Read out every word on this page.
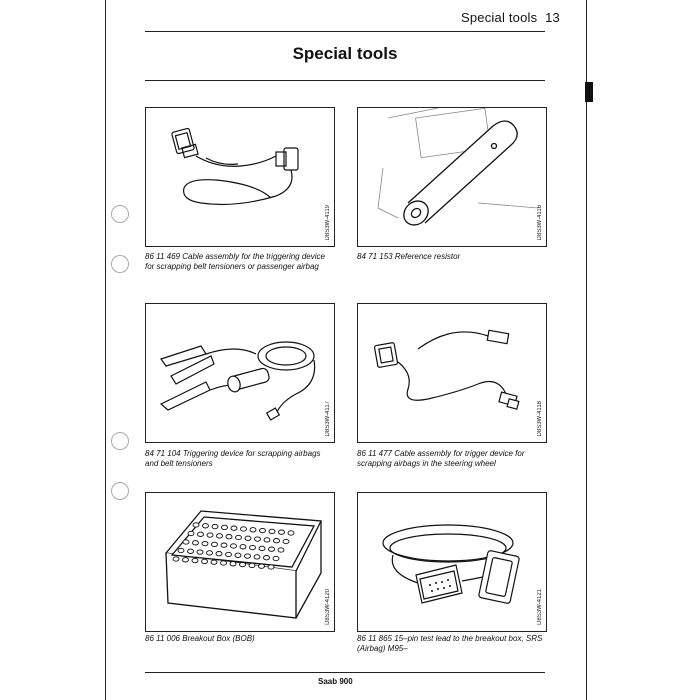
Special tools 13
Special tools
D8S3W-4119
86 11 469 Cable assembly for the triggering device for scrapping belt tensioners or passenger airbag
D8S3W-4116
84 71 153 Reference resistor
D8S3W-4117
84 71 104 Triggering device for scrapping airbags and belt tensioners
D8S3W-4118
86 11 477 Cable assembly for trigger device for scrapping airbags in the steering wheel
D8S3W-4120
86 11 006 Breakout Box (BOB)
D8S3W-4121
86 11 865 15–pin test lead to the breakout box, SRS (Airbag) M95–
Saab 900
